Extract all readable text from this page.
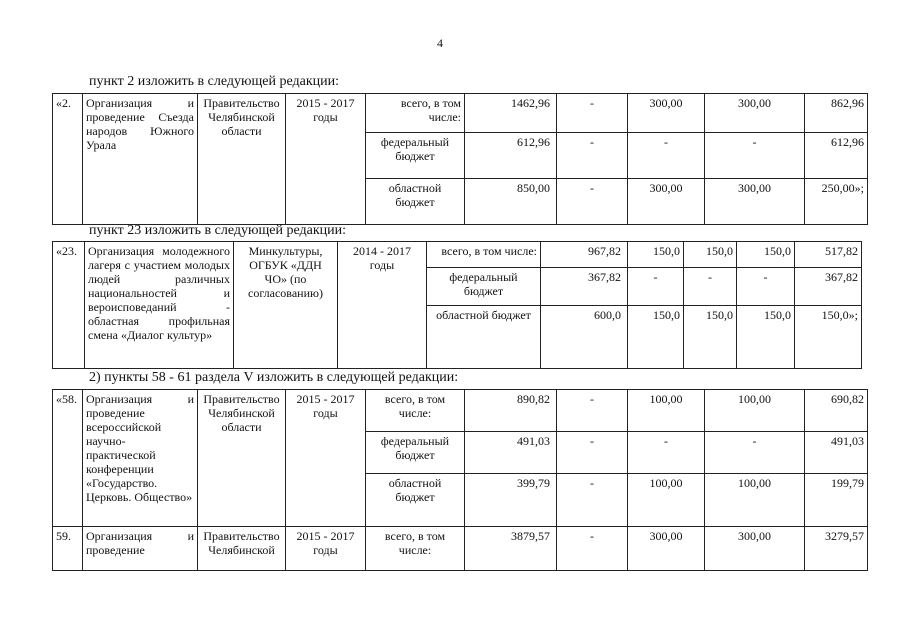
4
пункт 2 изложить в следующей редакции:
«2.	Организация и проведение Съезда народов Южного Урала	Правительство Челябинской области	2015 - 2017 годы	всего, в том числе:	1462,96	-	300,00	300,00	862,96
				федеральный бюджет	612,96	-	-	-	612,96
				областной бюджет	850,00	-	300,00	300,00	250,00»;
пункт 23 изложить в следующей редакции:
«23.	Организация молодежного лагеря с участием молодых людей различных национальностей и вероисповеданий - областная профильная смена «Диалог культур»	Минкультуры, ОГБУК «ДДН ЧО» (по согласованию)	2014 - 2017 годы	всего, в том числе:	967,82	150,0	150,0	150,0	517,82
				федеральный бюджет	367,82	-	-	-	367,82
				областной бюджет	600,0	150,0	150,0	150,0	150,0»;
2) пункты 58 - 61 раздела V изложить в следующей редакции:
«58.	Организация и проведение всероссийской научно-практической конференции «Государство. Церковь. Общество»	Правительство Челябинской области	2015 - 2017 годы	всего, в том числе:	890,82	-	100,00	100,00	690,82
				федеральный бюджет	491,03	-	-	-	491,03
				областной бюджет	399,79	-	100,00	100,00	199,79
59.	Организация и проведение	Правительство Челябинской	2015 - 2017 годы	всего, в том числе:	3879,57	-	300,00	300,00	3279,57
